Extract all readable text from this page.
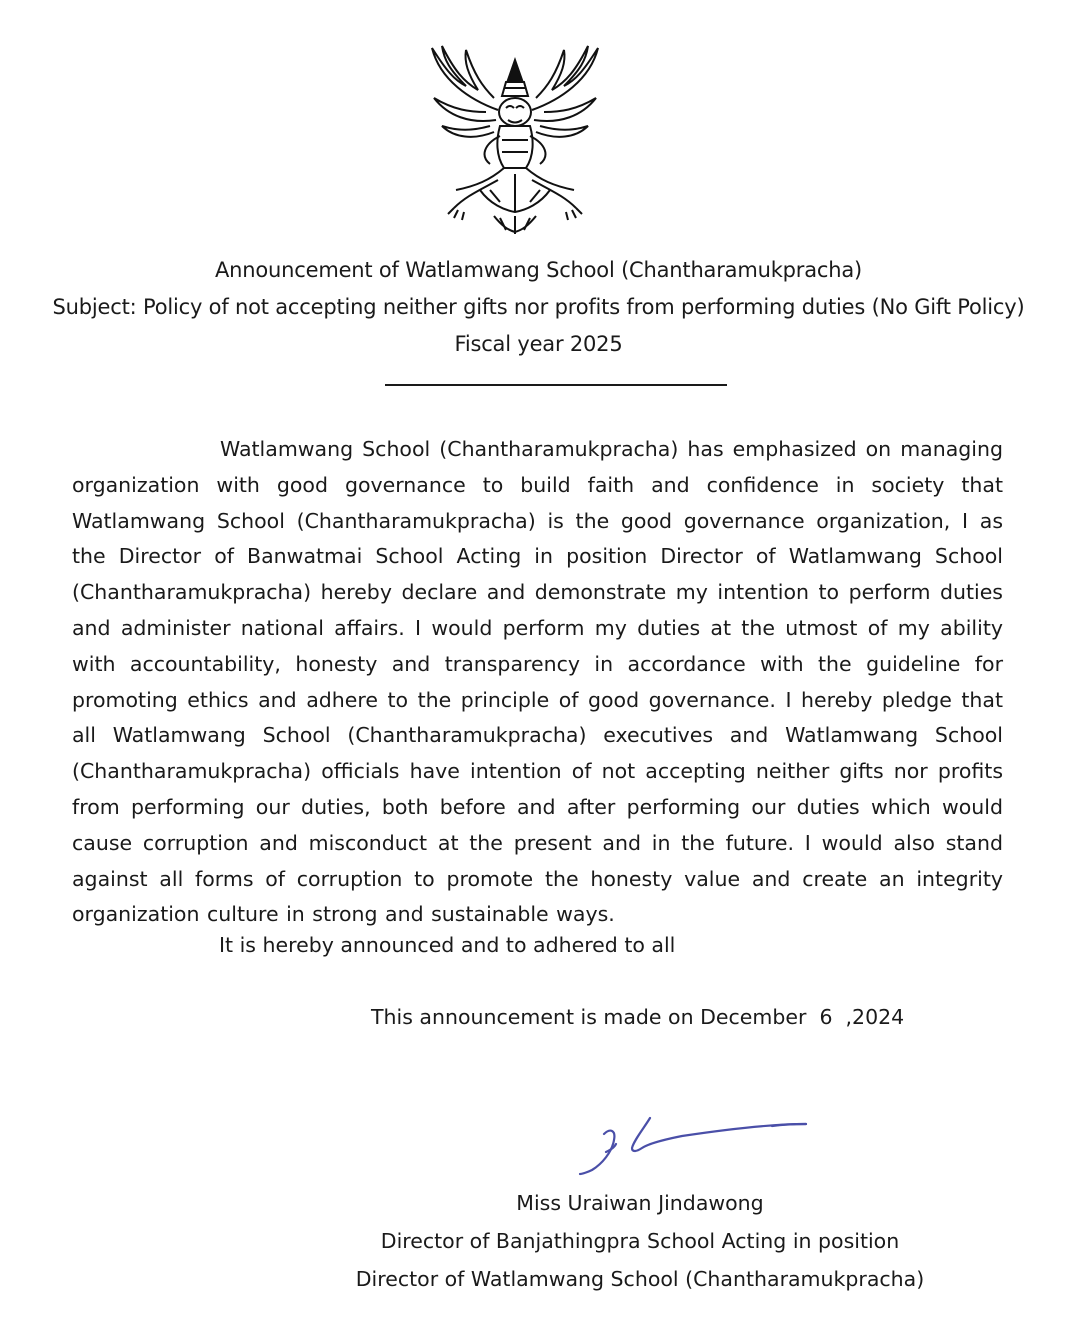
Announcement of Watlamwang School (Chantharamukpracha)
Subject: Policy of not accepting neither gifts nor profits from performing duties (No Gift Policy)
Fiscal year 2025

Watlamwang School (Chantharamukpracha) has emphasized on managing organization with good governance to build faith and confidence in society that Watlamwang School (Chantharamukpracha) is the good governance organization, I as the Director of Banwatmai School Acting in position Director of Watlamwang School (Chantharamukpracha) hereby declare and demonstrate my intention to perform duties and administer national affairs. I would perform my duties at the utmost of my ability with accountability, honesty and transparency in accordance with the guideline for promoting ethics and adhere to the principle of good governance. I hereby pledge that all Watlamwang School (Chantharamukpracha) executives and Watlamwang School (Chantharamukpracha) officials have intention of not accepting neither gifts nor profits from performing our duties, both before and after performing our duties which would cause corruption and misconduct at the present and in the future. I would also stand against all forms of corruption to promote the honesty value and create an integrity organization culture in strong and sustainable ways.

It is hereby announced and to adhered to all
This announcement is made on December  6  ,2024
Miss Uraiwan Jindawong
Director of Banjathingpra School Acting in position
Director of Watlamwang School (Chantharamukpracha)
